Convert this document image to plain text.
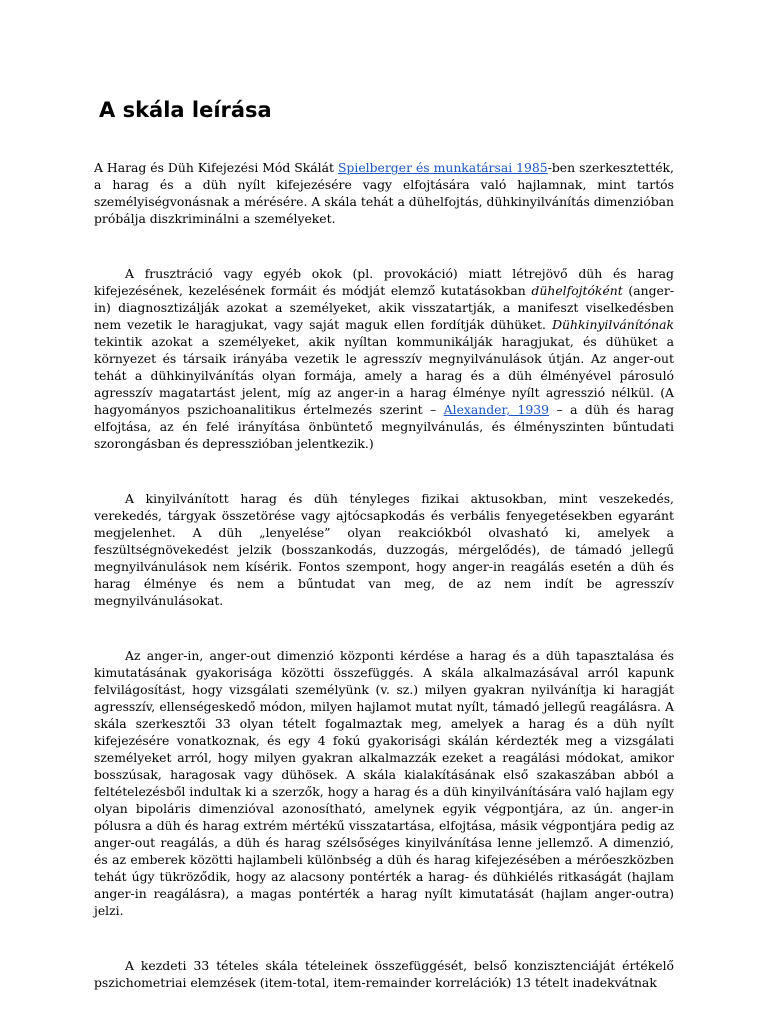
A skála leírása

A Harag és Düh Kifejezési Mód Skálát Spielberger és munkatársai 1985-ben szerkesztették, a harag és a düh nyílt kifejezésére vagy elfojtására való hajlamnak, mint tartós személyiségvonásnak a mérésére. A skála tehát a dühelfojtás, dühkinyilvánítás dimenzióban próbálja diszkriminálni a személyeket.

A frusztráció vagy egyéb okok (pl. provokáció) miatt létrejövő düh és harag kifejezésének, kezelésének formáit és módját elemző kutatásokban dühelfojtóként (anger-in) diagnosztizálják azokat a személyeket, akik visszatartják, a manifeszt viselkedésben nem vezetik le haragjukat, vagy saját maguk ellen fordítják dühüket. Dühkinyilvánítónak tekintik azokat a személyeket, akik nyíltan kommunikálják haragjukat, és dühüket a környezet és társaik irányába vezetik le agresszív megnyilvánulások útján. Az anger-out tehát a dühkinyilvánítás olyan formája, amely a harag és a düh élményével párosuló agresszív magatartást jelent, míg az anger-in a harag élménye nyílt agresszió nélkül. (A hagyományos pszichoanalitikus értelmezés szerint – Alexander, 1939 – a düh és harag elfojtása, az én felé irányítása önbüntető megnyilvánulás, és élményszinten bűntudati szorongásban és depresszióban jelentkezik.)

A kinyilvánított harag és düh tényleges fizikai aktusokban, mint veszekedés, verekedés, tárgyak összetörése vagy ajtócsapkodás és verbális fenyegetésekben egyaránt megjelenhet. A düh „lenyelése” olyan reakciókból olvasható ki, amelyek a feszültségnövekedést jelzik (bosszankodás, duzzogás, mérgelődés), de támadó jellegű megnyilvánulások nem kísérik. Fontos szempont, hogy anger-in reagálás esetén a düh és harag élménye és nem a bűntudat van meg, de az nem indít be agresszív megnyilvánulásokat.

Az anger-in, anger-out dimenzió központi kérdése a harag és a düh tapasztalása és kimutatásának gyakorisága közötti összefüggés. A skála alkalmazásával arról kapunk felvilágosítást, hogy vizsgálati személyünk (v. sz.) milyen gyakran nyilvánítja ki haragját agresszív, ellenségeskedő módon, milyen hajlamot mutat nyílt, támadó jellegű reagálásra. A skála szerkesztői 33 olyan tételt fogalmaztak meg, amelyek a harag és a düh nyílt kifejezésére vonatkoznak, és egy 4 fokú gyakorisági skálán kérdezték meg a vizsgálati személyeket arról, hogy milyen gyakran alkalmazzák ezeket a reagálási módokat, amikor bosszúsak, haragosak vagy dühösek. A skála kialakításának első szakaszában abból a feltételezésből indultak ki a szerzők, hogy a harag és a düh kinyilvánítására való hajlam egy olyan bipoláris dimenzióval azonosítható, amelynek egyik végpontjára, az ún. anger-in pólusra a düh és harag extrém mértékű visszatartása, elfojtása, másik végpontjára pedig az anger-out reagálás, a düh és harag szélsőséges kinyilvánítása lenne jellemző. A dimenzió, és az emberek közötti hajlambeli különbség a düh és harag kifejezésében a mérőeszközben tehát úgy tükröződik, hogy az alacsony pontérték a harag- és dühkiélés ritkaságát (hajlam anger-in reagálásra), a magas pontérték a harag nyílt kimutatását (hajlam anger-outra) jelzi.

A kezdeti 33 tételes skála tételeinek összefüggését, belső konzisztenciáját értékelő pszichometriai elemzések (item-total, item-remainder korrelációk) 13 tételt inadekvátnak
